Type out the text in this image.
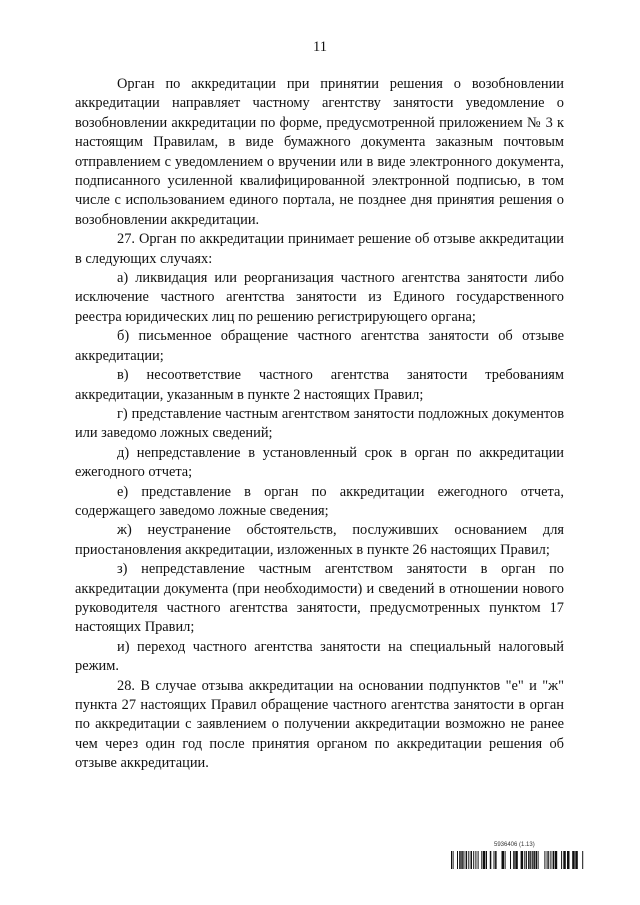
11

Орган по аккредитации при принятии решения о возобновлении аккредитации направляет частному агентству занятости уведомление о возобновлении аккредитации по форме, предусмотренной приложением № 3 к настоящим Правилам, в виде бумажного документа заказным почтовым отправлением с уведомлением о вручении или в виде электронного документа, подписанного усиленной квалифицированной электронной подписью, в том числе с использованием единого портала, не позднее дня принятия решения о возобновлении аккредитации.

27. Орган по аккредитации принимает решение об отзыве аккредитации в следующих случаях:

а) ликвидация или реорганизация частного агентства занятости либо исключение частного агентства занятости из Единого государственного реестра юридических лиц по решению регистрирующего органа;

б) письменное обращение частного агентства занятости об отзыве аккредитации;

в) несоответствие частного агентства занятости требованиям аккредитации, указанным в пункте 2 настоящих Правил;

г) представление частным агентством занятости подложных документов или заведомо ложных сведений;

д) непредставление в установленный срок в орган по аккредитации ежегодного отчета;

е) представление в орган по аккредитации ежегодного отчета, содержащего заведомо ложные сведения;

ж) неустранение обстоятельств, послуживших основанием для приостановления аккредитации, изложенных в пункте 26 настоящих Правил;

з) непредставление частным агентством занятости в орган по аккредитации документа (при необходимости) и сведений в отношении нового руководителя частного агентства занятости, предусмотренных пунктом 17 настоящих Правил;

и) переход частного агентства занятости на специальный налоговый режим.

28. В случае отзыва аккредитации на основании подпунктов "е" и "ж" пункта 27 настоящих Правил обращение частного агентства занятости в орган по аккредитации с заявлением о получении аккредитации возможно не ранее чем через один год после принятия органом по аккредитации решения об отзыве аккредитации.

5936406 (1.13)
